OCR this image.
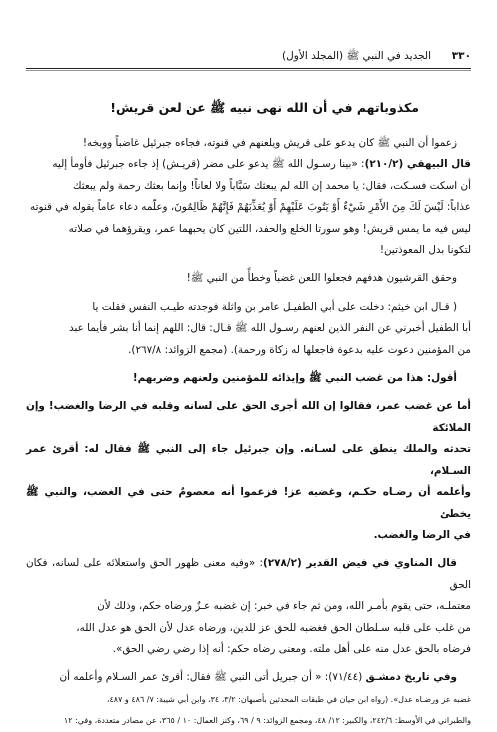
٣٣٠
الجديد في النبي ﷺ (المجلد الأول)
مكذوباتهم في أن الله نهى نبيه ﷺ عن لعن قريش!

زعموا أن النبي ﷺ كان يدعو على قريش ويلعنهم في قنوته، فجاءه جبرئيل غاضباً ووبخه!

قال البيهقي (٢١٠/٢): «بينا رسـول الله ﷺ يدعو على مضر (قريـش) إذ جاءه جبرئيل فأومأ إليه

أن اسكت فسـكت، فقال: يا محمد إن الله لم يبعثك سَبَّاباً ولا لعاناً! وإنما بعثك رحمة ولم يبعثك

عذاباً: لَيْسَ لَكَ مِنَ الأَمْرِ شَيْءٌ أَوْ يَتُوبَ عَلَيْهِمْ أَوْ يُعَذِّبَهُمْ فَإِنَّهُمْ ظَالِمُونَ، وعلّمه دعاء عاماً يقوله في قنوته

ليس فيه ما يمس قريش! وهو سورتا الخلع والحفد، اللتين كان يحبهما عمر، ويقرؤهما في صلاته

لتكونا بدل المعوذتين!

وحقق القرشيون هدفهم فجعلوا اللعن غضباً وخطأً من النبي ﷺ!

( قـال ابن خيثم: دخلت على أبي الطفيـل عامر بن واثلة فوجدته طيـب النفس فقلت يا

أبا الطفيل أخبرني عن النفر الذين لعنهم رسـول الله ﷺ قـال: قال: اللهم إنما أنا بشر فأيما عبد

من المؤمنين دعوت عليه بدعوة فاجعلها له زكاة ورحمة). (مجمع الزوائد: ٢٦٧/٨).

أقول: هذا من غضب النبي ﷺ وإيذائه للمؤمنين ولعنهم وضربهم!

أما عن غضب عمر، فقالوا إن الله أجرى الحق على لسانه وقلبه في الرضا والغضب! وإن الملائكة

تحدثه والملك ينطق على لسـانه. وإن جبرئيل جاء إلى النبي ﷺ فقال له: أقرئ عمر السـلام،

وأعلمه أن رضـاه حكـم، وغضبه عز! فزعموا أنه معصومٌ حتى في الغضب، والنبي ﷺ يخطئ

في الرضا والغضب.

قال المناوي في فيض القدير (٢٧٨/٢): «وفيه معنى ظهور الحق واستعلائه على لسانه، فكان الحق

معتملـه، حتى يقوم بأمـر الله، ومن ثم جاء في خبر: إن غضبه عـزٌ ورضاه حكم، وذلك لأن

من غلب على قلبه سـلطان الحق فغضبه للحق عز للدين، ورضاه عدل لأن الحق هو عدل الله،

فرضاه بالحق عدل منه على أهل ملته. ومعنى رضاه حكم: أنه إذا رضي رضي الحق».

وفي تاريخ دمشـق (٧١/٤٤): « أن جبريل أتى النبي ﷺ فقال: أقرئ عمر السـلام وأعلمه أن

غضبه عز ورضـاه عدل». (رواه ابن حيان في طبقات المحدثين بأصبهان: ٣/٢، ٣٤، وابن أبي شيبة: ٧/ ٤٨٦ و ٤٨٧،

والطبراني في الأوسط: ٢٤٢/٦، والكبير: ١٢/ ٤٨، ومجمع الزوائد: ٩ / ٦٩، وكنز العمال: ١٠ / ٣٦٥، عن مصادر متعددة، وفي: ١٢
